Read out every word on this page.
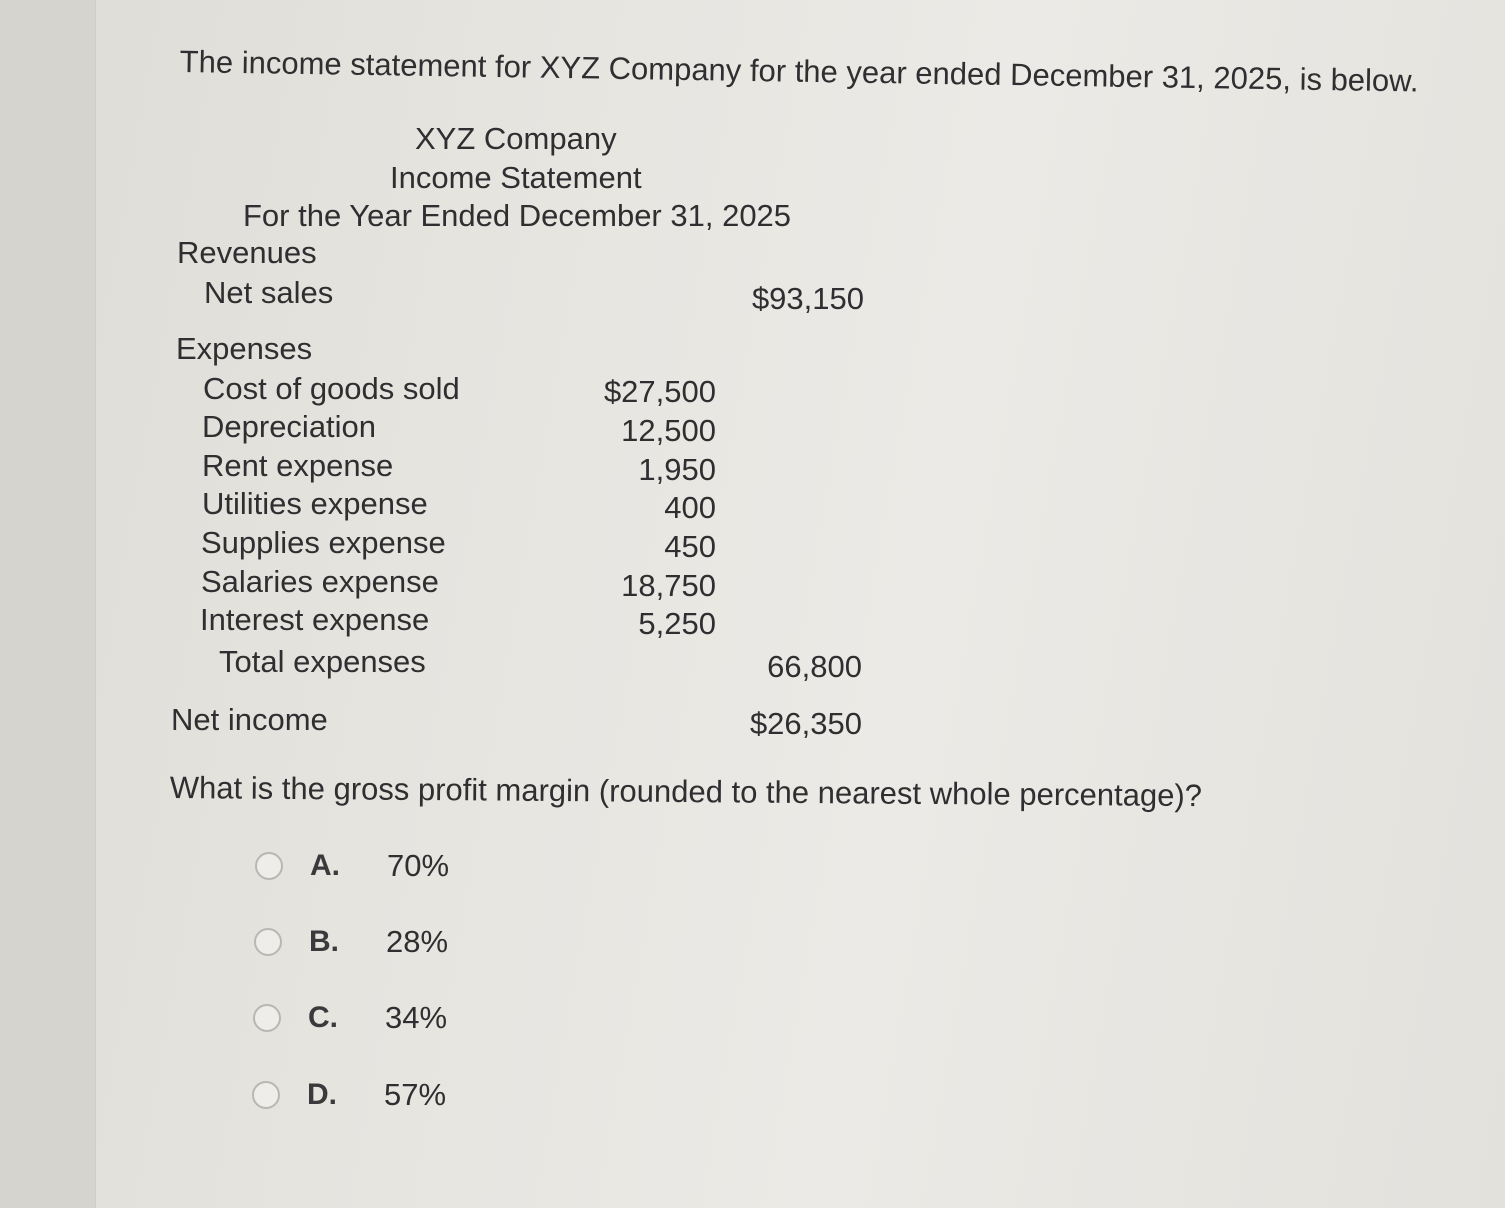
The income statement for XYZ Company for the year ended December 31, 2025, is below.
XYZ Company
Income Statement
For the Year Ended December 31, 2025
Revenues
Net sales	$93,150
Expenses
Cost of goods sold	$27,500
Depreciation	12,500
Rent expense	1,950
Utilities expense	400
Supplies expense	450
Salaries expense	18,750
Interest expense	5,250
Total expenses	66,800
Net income	$26,350
What is the gross profit margin (rounded to the nearest whole percentage)?
A. 70%
B. 28%
C. 34%
D. 57%
